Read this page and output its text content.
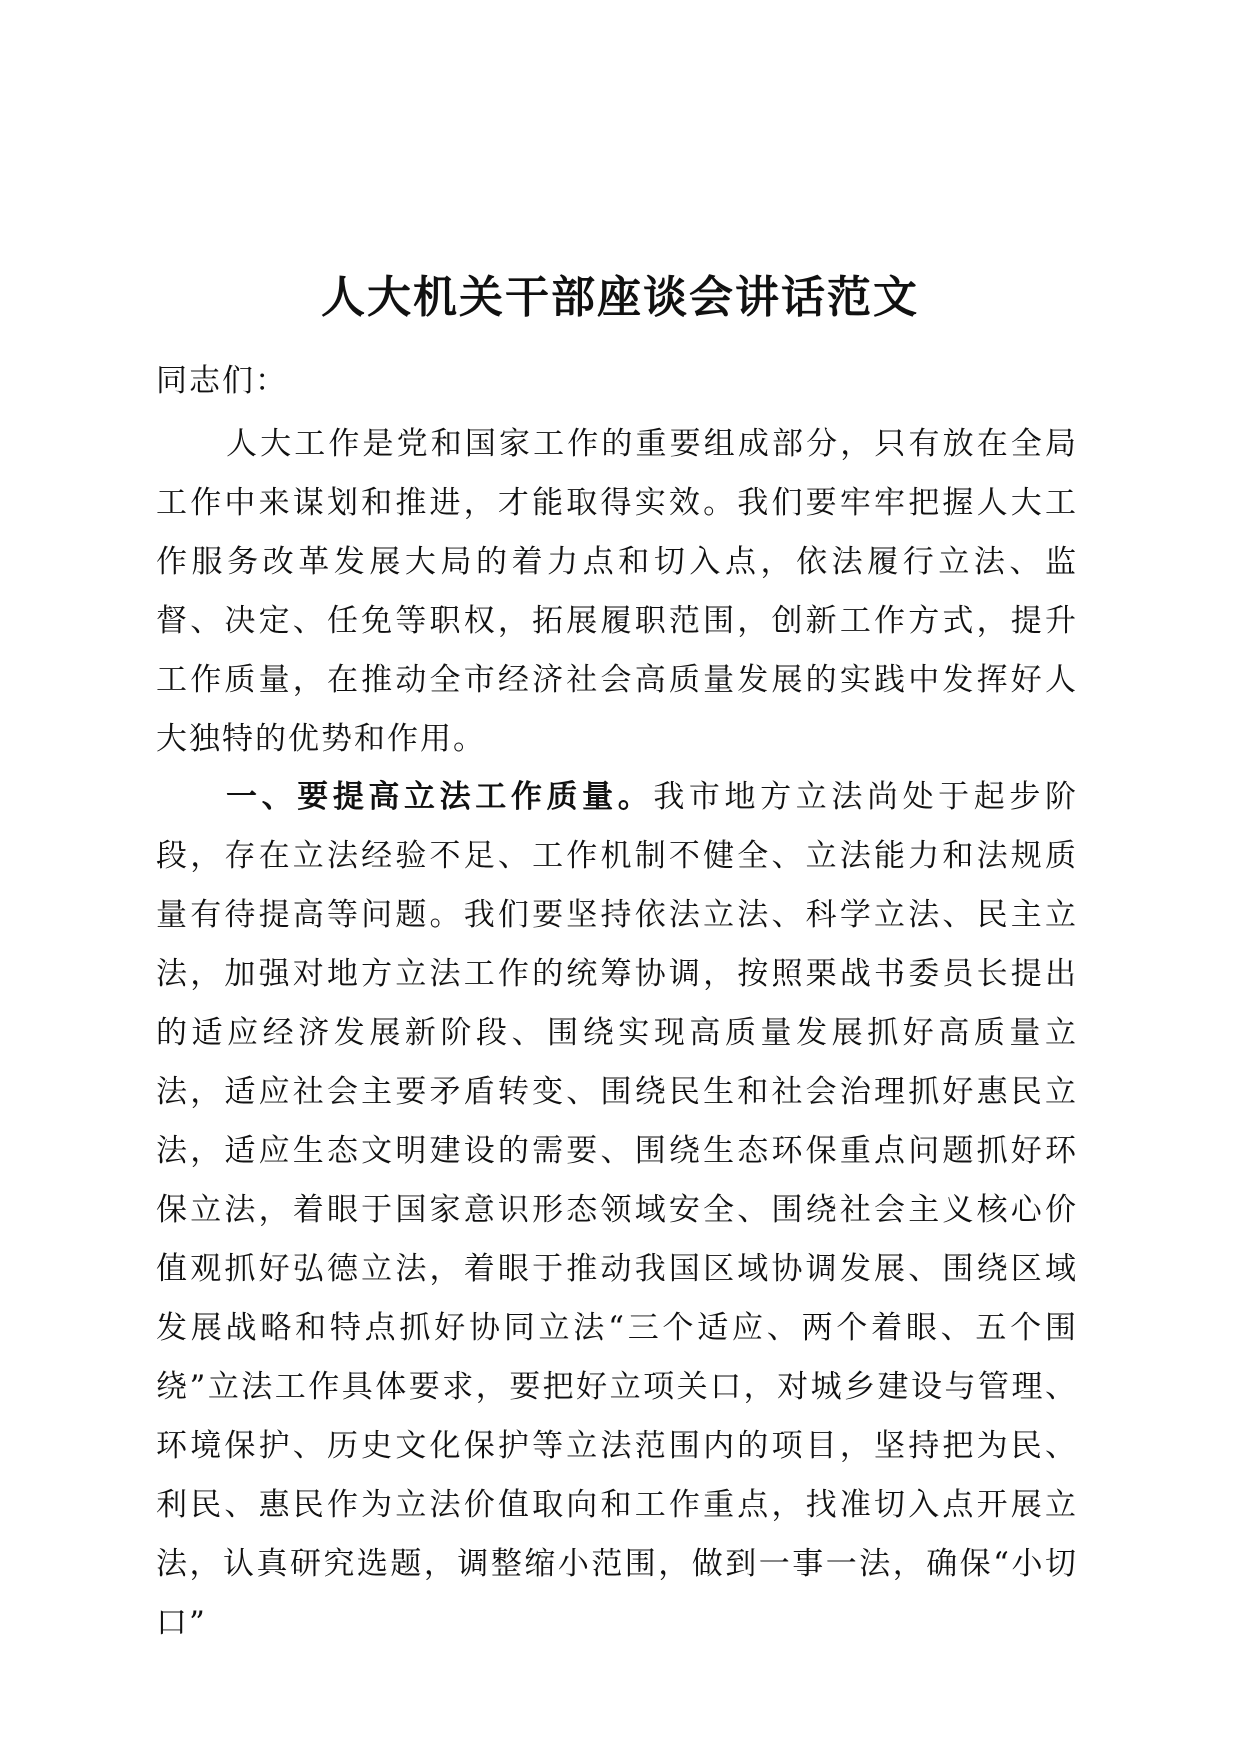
人大机关干部座谈会讲话范文

同志们：

人大工作是党和国家工作的重要组成部分，只有放在全局工作中来谋划和推进，才能取得实效。我们要牢牢把握人大工作服务改革发展大局的着力点和切入点，依法履行立法、监督、决定、任免等职权，拓展履职范围，创新工作方式，提升工作质量，在推动全市经济社会高质量发展的实践中发挥好人大独特的优势和作用。

一、要提高立法工作质量。我市地方立法尚处于起步阶段，存在立法经验不足、工作机制不健全、立法能力和法规质量有待提高等问题。我们要坚持依法立法、科学立法、民主立法，加强对地方立法工作的统筹协调，按照栗战书委员长提出的适应经济发展新阶段、围绕实现高质量发展抓好高质量立法，适应社会主要矛盾转变、围绕民生和社会治理抓好惠民立法，适应生态文明建设的需要、围绕生态环保重点问题抓好环保立法，着眼于国家意识形态领域安全、围绕社会主义核心价值观抓好弘德立法，着眼于推动我国区域协调发展、围绕区域发展战略和特点抓好协同立法“三个适应、两个着眼、五个围绕”立法工作具体要求，要把好立项关口，对城乡建设与管理、环境保护、历史文化保护等立法范围内的项目，坚持把为民、利民、惠民作为立法价值取向和工作重点，找准切入点开展立法，认真研究选题，调整缩小范围，做到一事一法，确保“小切口”
